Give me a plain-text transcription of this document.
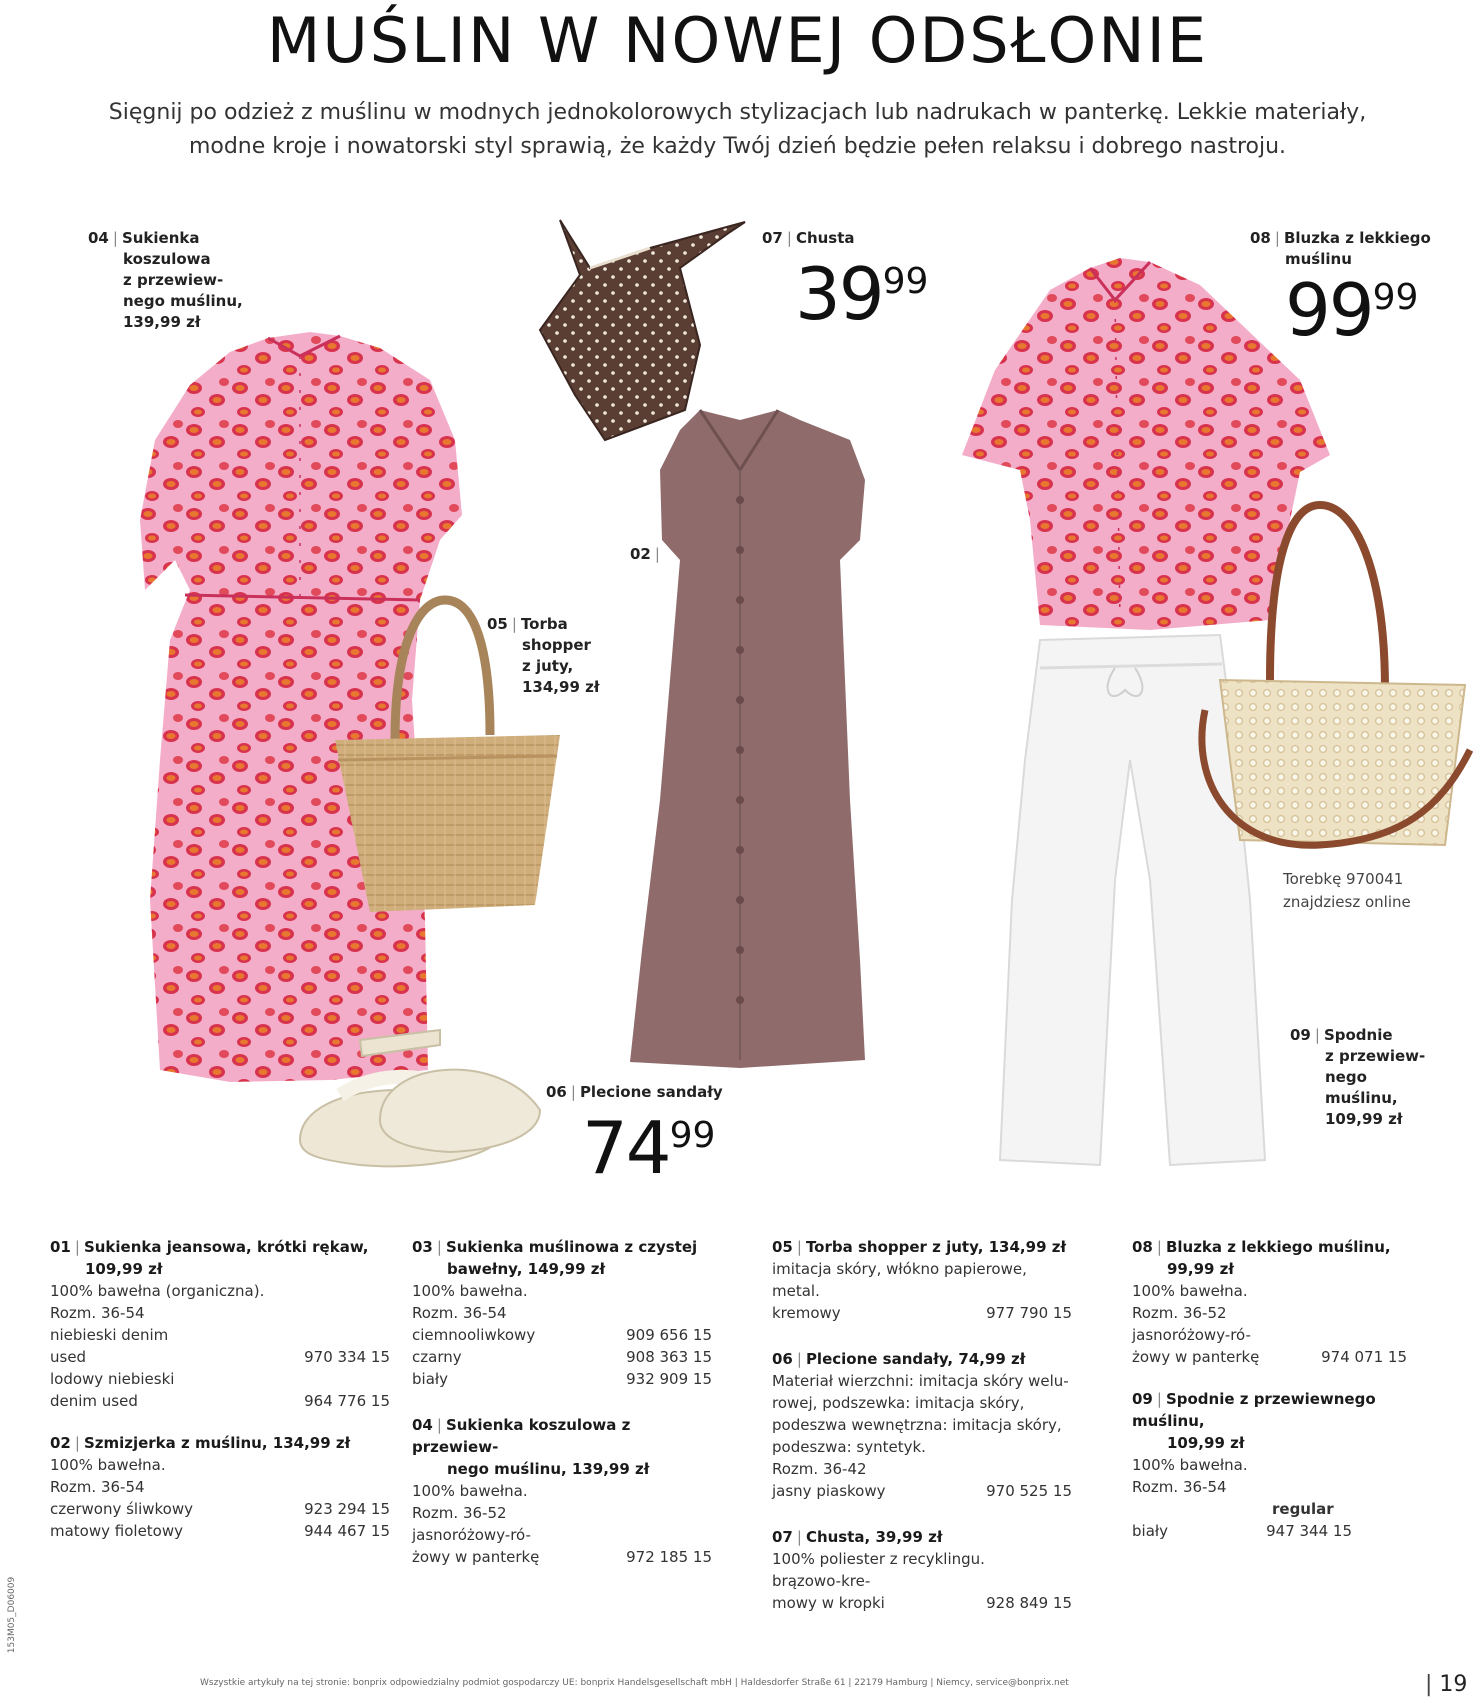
MUŚLIN W NOWEJ ODSŁONIE
Sięgnij po odzież z muślinu w modnych jednokolorowych stylizacjach lub nadrukach w panterkę. Lekkie materiały,
modne kroje i nowatorski styl sprawią, że każdy Twój dzień będzie pełen relaksu i dobrego nastroju.
04 | Sukienka
koszulowa
z przewiew-
nego muślinu,
139,99 zł
07 | Chusta
3999
08 | Bluzka z lekkiego
muślinu
9999
02 |
05 | Torba
shopper
z juty,
134,99 zł
Torebkę 970041
znajdziesz online
09 | Spodnie
z przewiew-
nego
muślinu,
109,99 zł
06 | Plecione sandały
7499
01 | Sukienka jeansowa, krótki rękaw,
109,99 zł
100% bawełna (organiczna).
Rozm. 36-54
niebieski denim
used	970 334 15
lodowy niebieski
denim used	964 776 15
02 | Szmizjerka z muślinu, 134,99 zł
100% bawełna.
Rozm. 36-54
czerwony śliwkowy	923 294 15
matowy fioletowy	944 467 15
03 | Sukienka muślinowa z czystej
bawełny, 149,99 zł
100% bawełna.
Rozm. 36-54
ciemnooliwkowy	909 656 15
czarny	908 363 15
biały	932 909 15
04 | Sukienka koszulowa z przewiew-
nego muślinu, 139,99 zł
100% bawełna.
Rozm. 36-52
jasnoróżowy-ró-
żowy w panterkę	972 185 15
05 | Torba shopper z juty, 134,99 zł
imitacja skóry, włókno papierowe,
metal.
kremowy	977 790 15
06 | Plecione sandały, 74,99 zł
Materiał wierzchni: imitacja skóry welu-
rowej, podszewka: imitacja skóry,
podeszwa wewnętrzna: imitacja skóry,
podeszwa: syntetyk.
Rozm. 36-42
jasny piaskowy	970 525 15
07 | Chusta, 39,99 zł
100% poliester z recyklingu.
brązowo-kre-
mowy w kropki	928 849 15
08 | Bluzka z lekkiego muślinu,
99,99 zł
100% bawełna.
Rozm. 36-52
jasnoróżowy-ró-
żowy w panterkę	974 071 15
09 | Spodnie z przewiewnego muślinu,
109,99 zł
100% bawełna.
Rozm. 36-54
regular
biały	947 344 15
Wszystkie artykuły na tej stronie: bonprix odpowiedzialny podmiot gospodarczy UE: bonprix Handelsgesellschaft mbH | Haldesdorfer Straße 61 | 22179 Hamburg | Niemcy, service@bonprix.net	| 19
153M05_D06009
